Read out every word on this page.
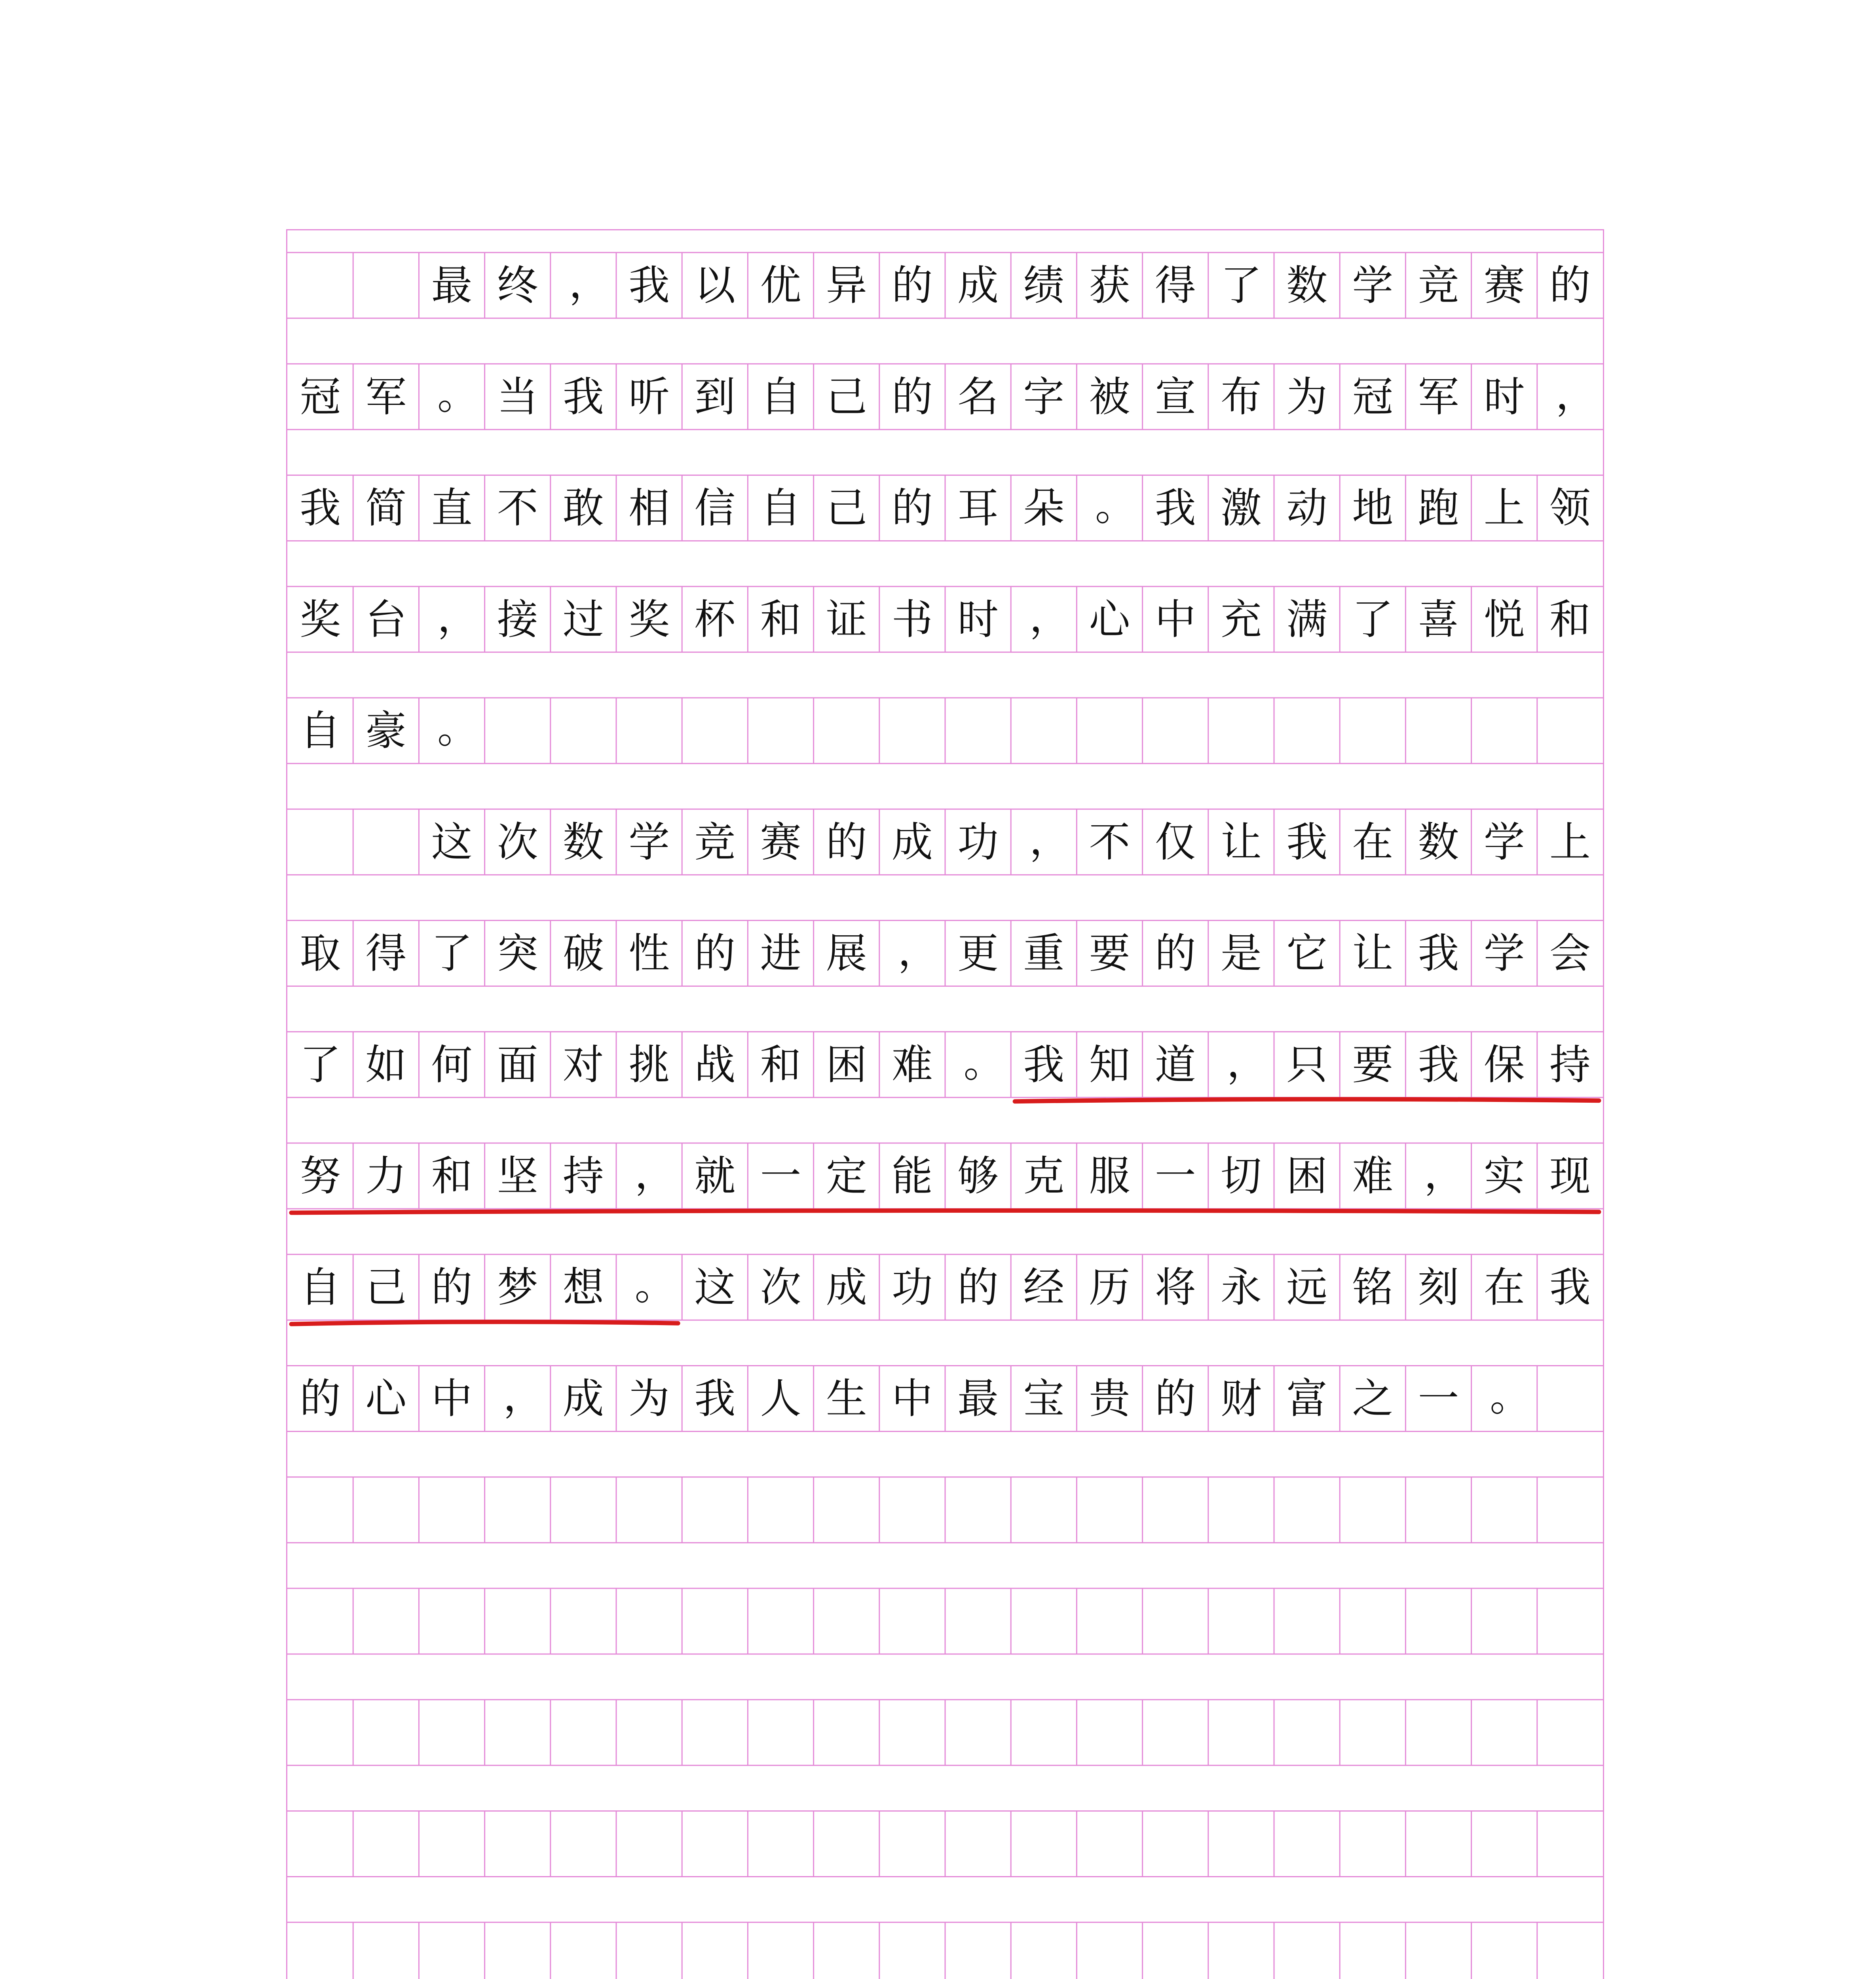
最 终 ， 我 以 优 异 的 成 绩 获 得 了 数 学 竞 赛 的
冠 军 。 当 我 听 到 自 己 的 名 字 被 宣 布 为 冠 军 时 ，
我 简 直 不 敢 相 信 自 己 的 耳 朵 。 我 激 动 地 跑 上 领
奖 台 ， 接 过 奖 杯 和 证 书 时 ， 心 中 充 满 了 喜 悦 和
自 豪 。
这 次 数 学 竞 赛 的 成 功 ， 不 仅 让 我 在 数 学 上
取 得 了 突 破 性 的 进 展 ， 更 重 要 的 是 它 让 我 学 会
了 如 何 面 对 挑 战 和 困 难 。 我 知 道 ， 只 要 我 保 持
努 力 和 坚 持 ， 就 一 定 能 够 克 服 一 切 困 难 ， 实 现
自 己 的 梦 想 。 这 次 成 功 的 经 历 将 永 远 铭 刻 在 我
的 心 中 ， 成 为 我 人 生 中 最 宝 贵 的 财 富 之 一 。
